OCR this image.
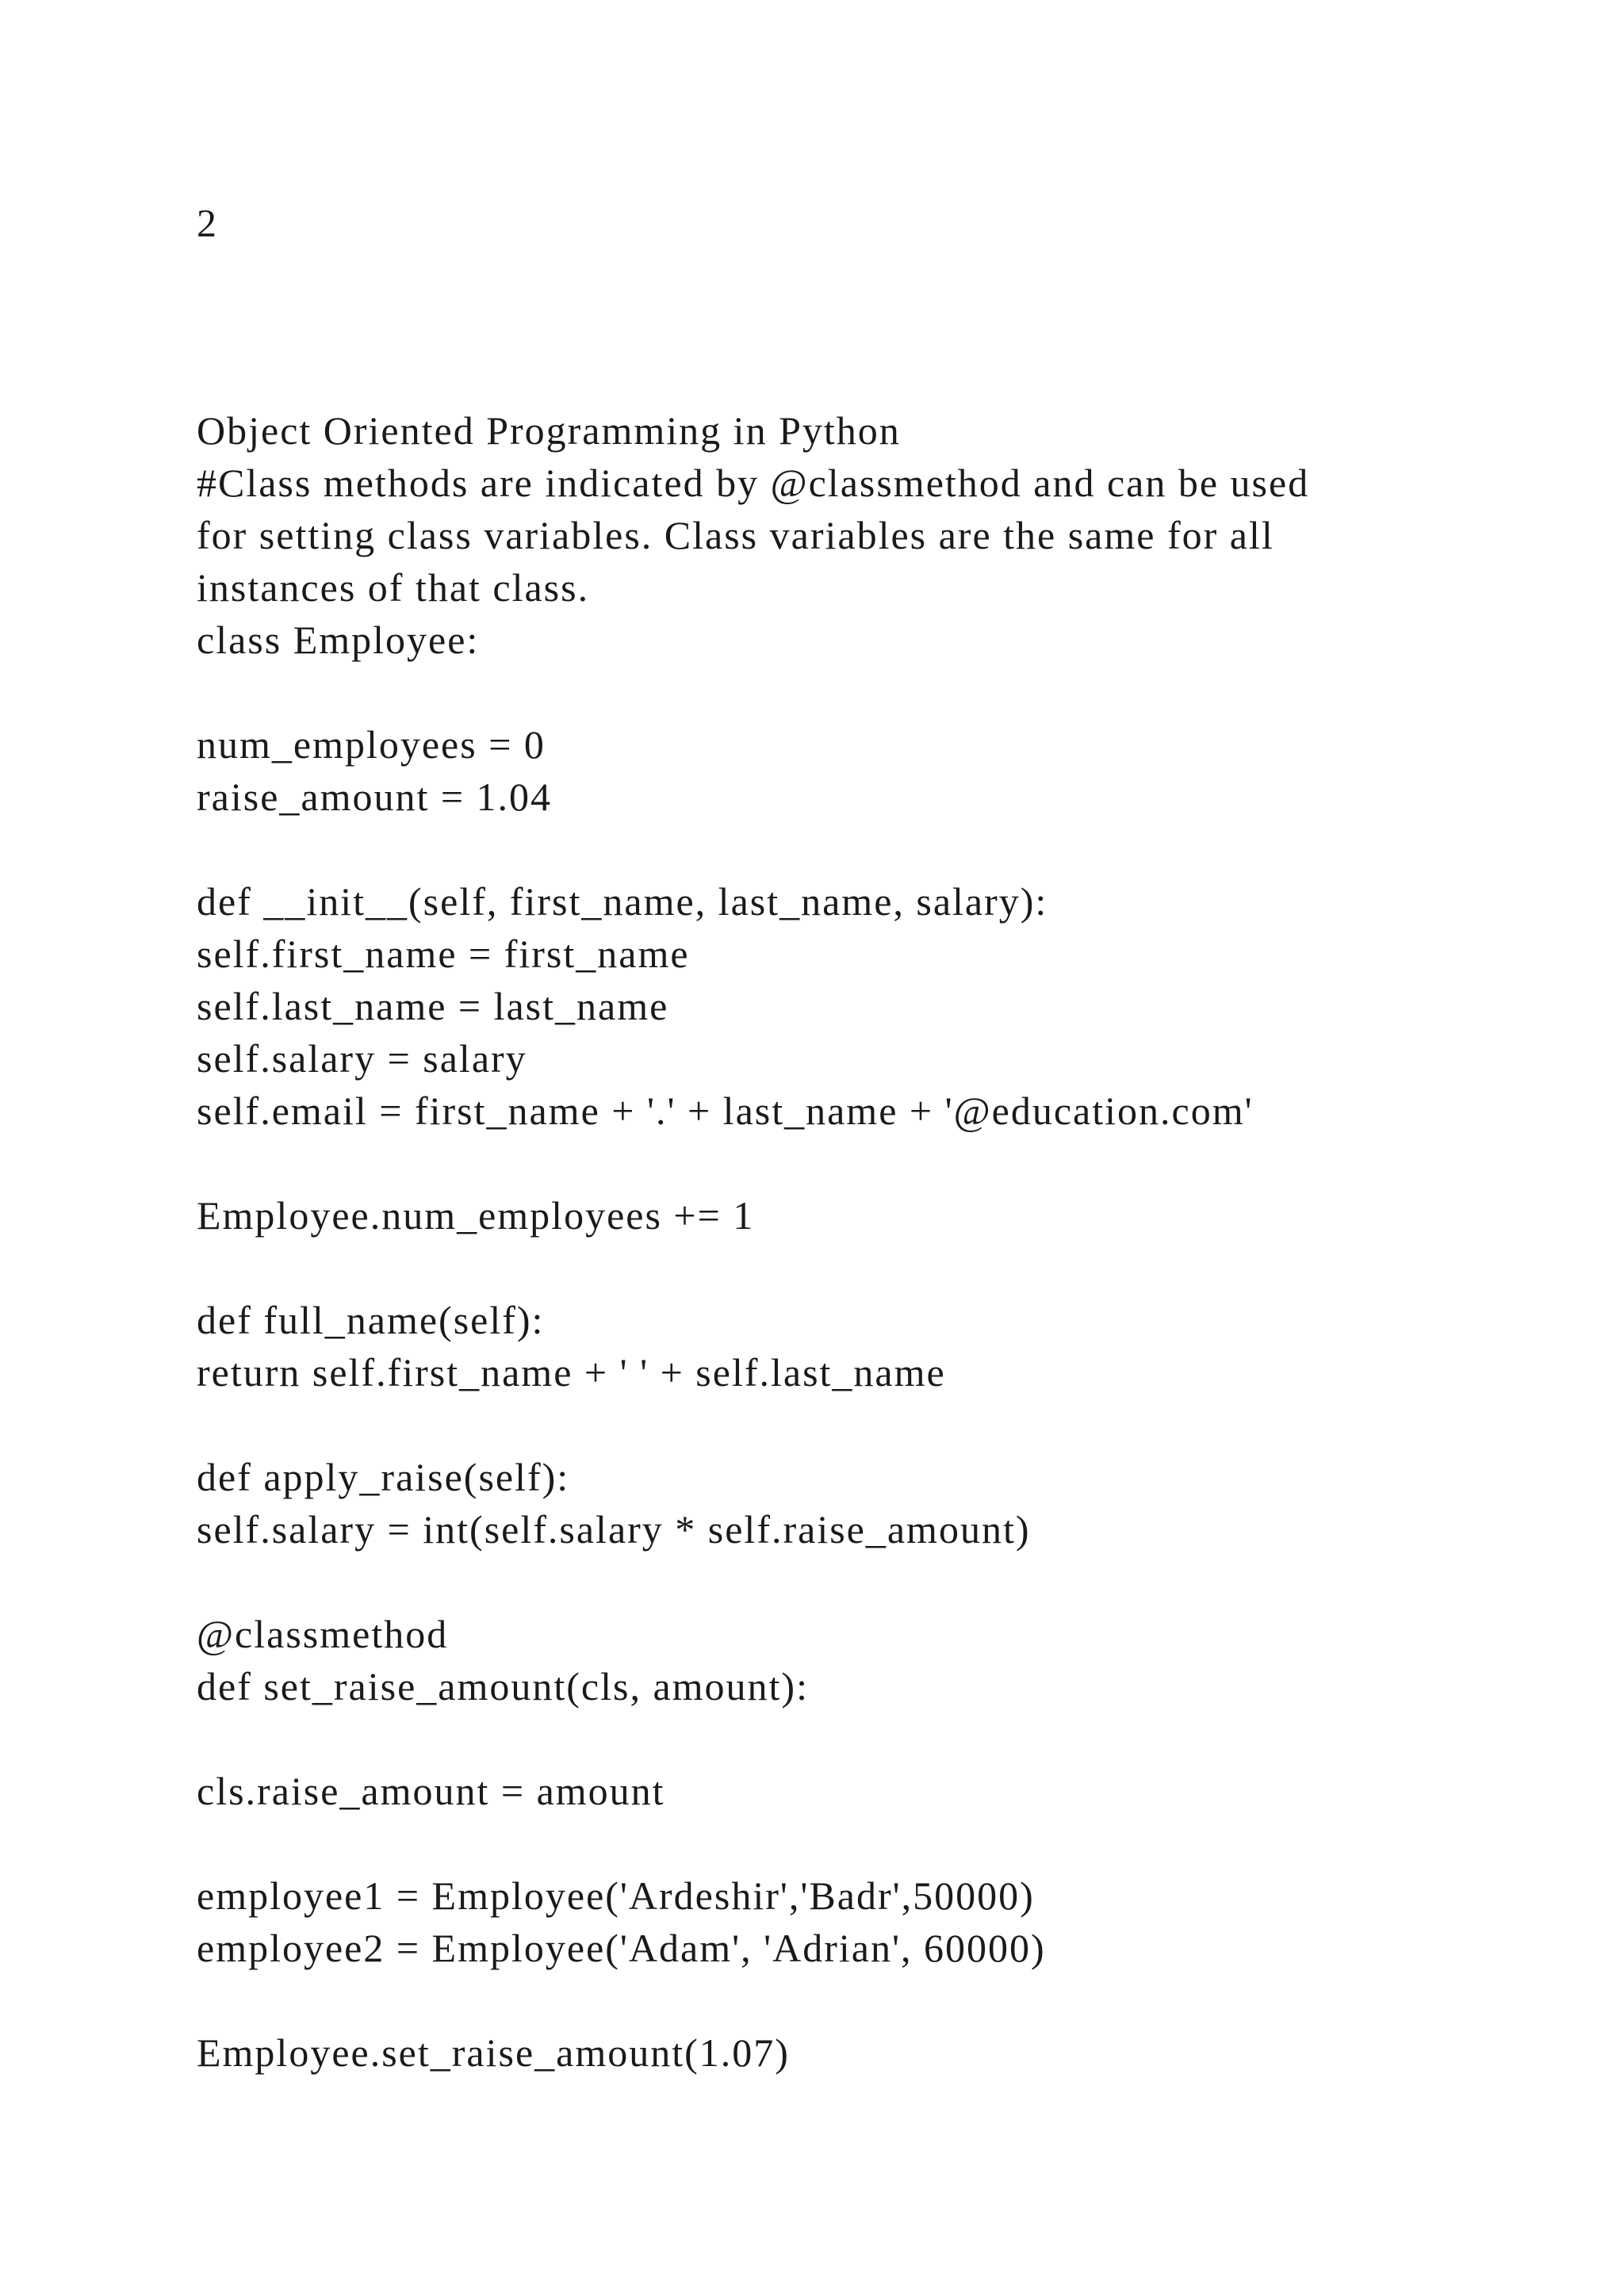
2
Object Oriented Programming in Python
#Class methods are indicated by @classmethod and can be used
for setting class variables. Class variables are the same for all
instances of that class.
class Employee:
num_employees = 0
raise_amount = 1.04
def __init__(self, first_name, last_name, salary):
self.first_name = first_name
self.last_name = last_name
self.salary = salary
self.email = first_name + '.' + last_name + '@education.com'
Employee.num_employees += 1
def full_name(self):
return self.first_name + ' ' + self.last_name
def apply_raise(self):
self.salary = int(self.salary * self.raise_amount)
@classmethod
def set_raise_amount(cls, amount):
cls.raise_amount = amount
employee1 = Employee('Ardeshir','Badr',50000)
employee2 = Employee('Adam', 'Adrian', 60000)
Employee.set_raise_amount(1.07)
